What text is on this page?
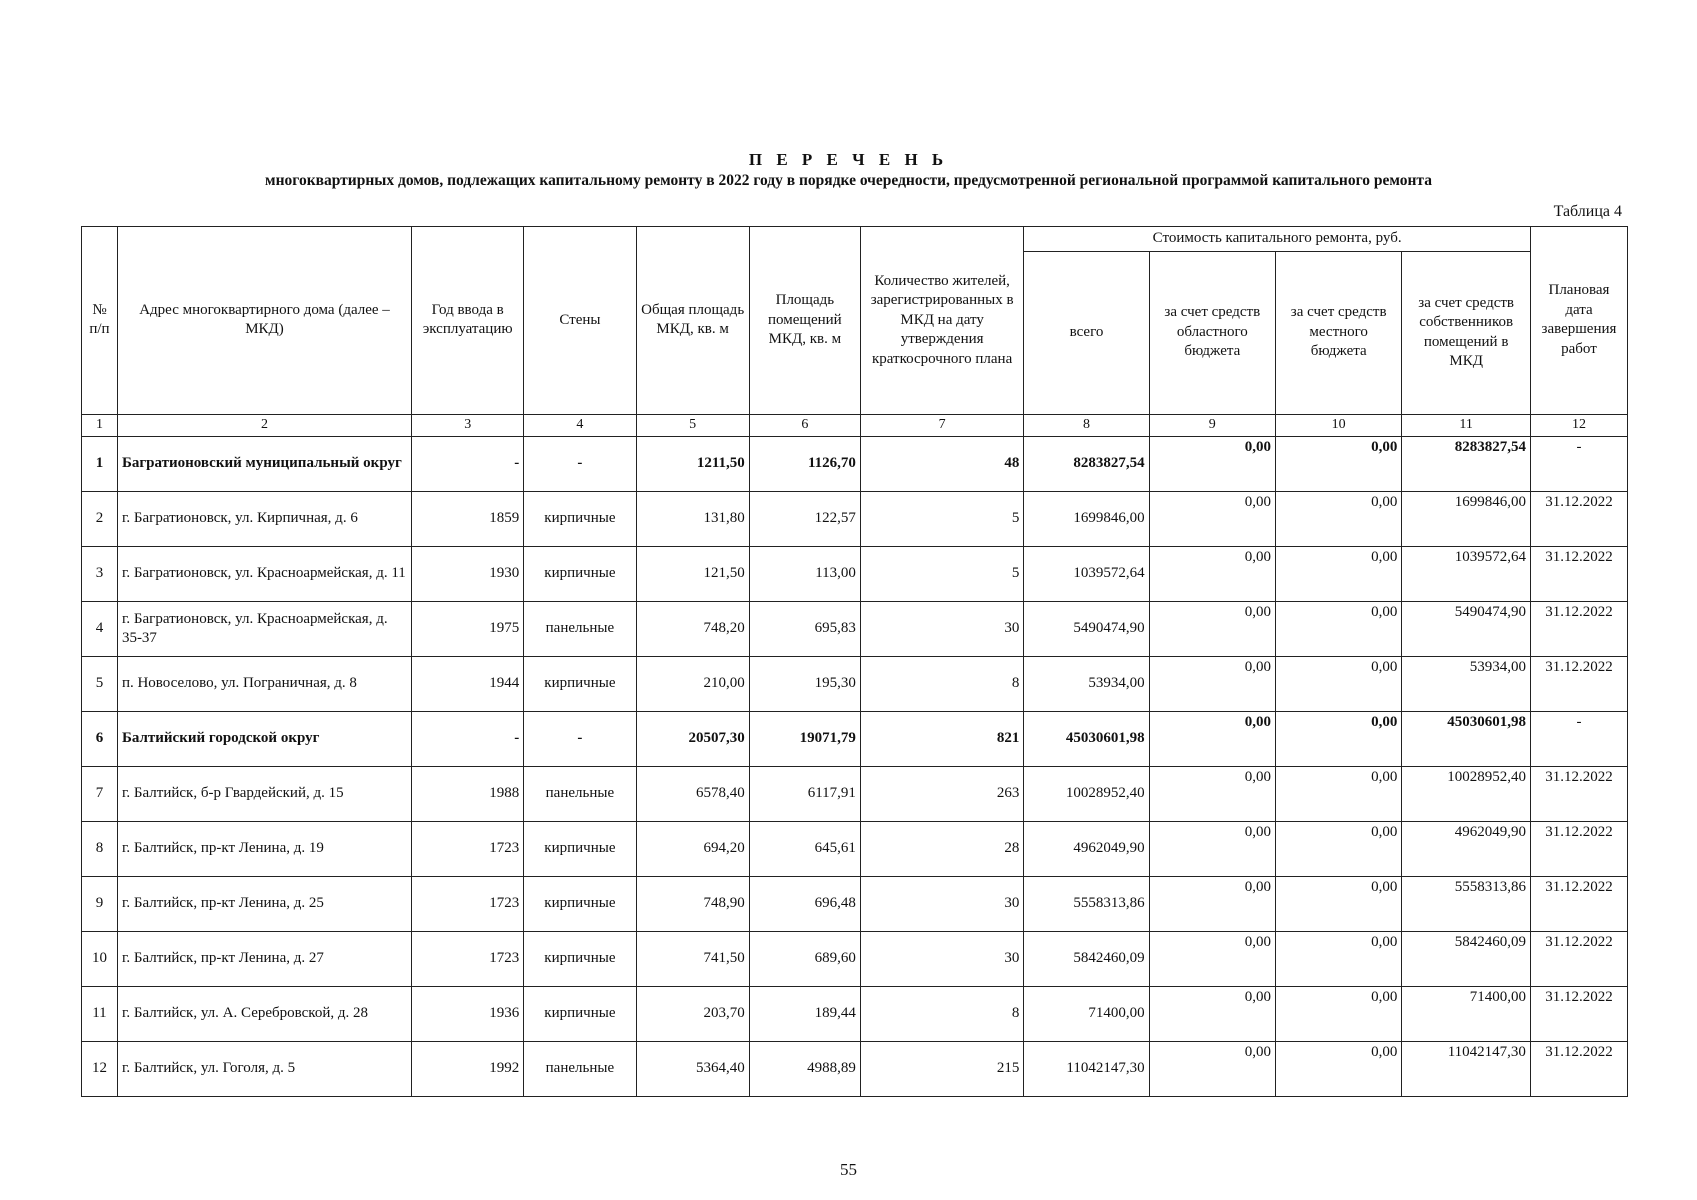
П Е Р Е Ч Е Н Ь
многоквартирных домов, подлежащих капитальному ремонту в 2022 году в порядке очередности, предусмотренной региональной программой капитального ремонта
Таблица 4
№ п/п	Адрес многоквартирного дома (далее – МКД)	Год ввода в эксплуатацию	Стены	Общая площадь МКД, кв. м	Площадь помещений МКД, кв. м	Количество жителей, зарегистрированных в МКД на дату утверждения краткосрочного плана	Стоимость капитального ремонта, руб.				Плановая дата завершения работ
							всего	за счет средств областного бюджета	за счет средств местного бюджета	за счет средств собственников помещений в МКД	
1	2	3	4	5	6	7	8	9	10	11	12
1	Багратионовский муниципальный округ	-	-	1211,50	1126,70	48	8283827,54	0,00	0,00	8283827,54	-
2	г. Багратионовск, ул. Кирпичная, д. 6	1859	кирпичные	131,80	122,57	5	1699846,00	0,00	0,00	1699846,00	31.12.2022
3	г. Багратионовск, ул. Красноармейская, д. 11	1930	кирпичные	121,50	113,00	5	1039572,64	0,00	0,00	1039572,64	31.12.2022
4	г. Багратионовск, ул. Красноармейская, д. 35-37	1975	панельные	748,20	695,83	30	5490474,90	0,00	0,00	5490474,90	31.12.2022
5	п. Новоселово, ул. Пограничная, д. 8	1944	кирпичные	210,00	195,30	8	53934,00	0,00	0,00	53934,00	31.12.2022
6	Балтийский городской округ	-	-	20507,30	19071,79	821	45030601,98	0,00	0,00	45030601,98	-
7	г. Балтийск, б-р Гвардейский, д. 15	1988	панельные	6578,40	6117,91	263	10028952,40	0,00	0,00	10028952,40	31.12.2022
8	г. Балтийск, пр-кт Ленина, д. 19	1723	кирпичные	694,20	645,61	28	4962049,90	0,00	0,00	4962049,90	31.12.2022
9	г. Балтийск, пр-кт Ленина, д. 25	1723	кирпичные	748,90	696,48	30	5558313,86	0,00	0,00	5558313,86	31.12.2022
10	г. Балтийск, пр-кт Ленина, д. 27	1723	кирпичные	741,50	689,60	30	5842460,09	0,00	0,00	5842460,09	31.12.2022
11	г. Балтийск, ул. А. Серебровской, д. 28	1936	кирпичные	203,70	189,44	8	71400,00	0,00	0,00	71400,00	31.12.2022
12	г. Балтийск, ул. Гоголя, д. 5	1992	панельные	5364,40	4988,89	215	11042147,30	0,00	0,00	11042147,30	31.12.2022
55
